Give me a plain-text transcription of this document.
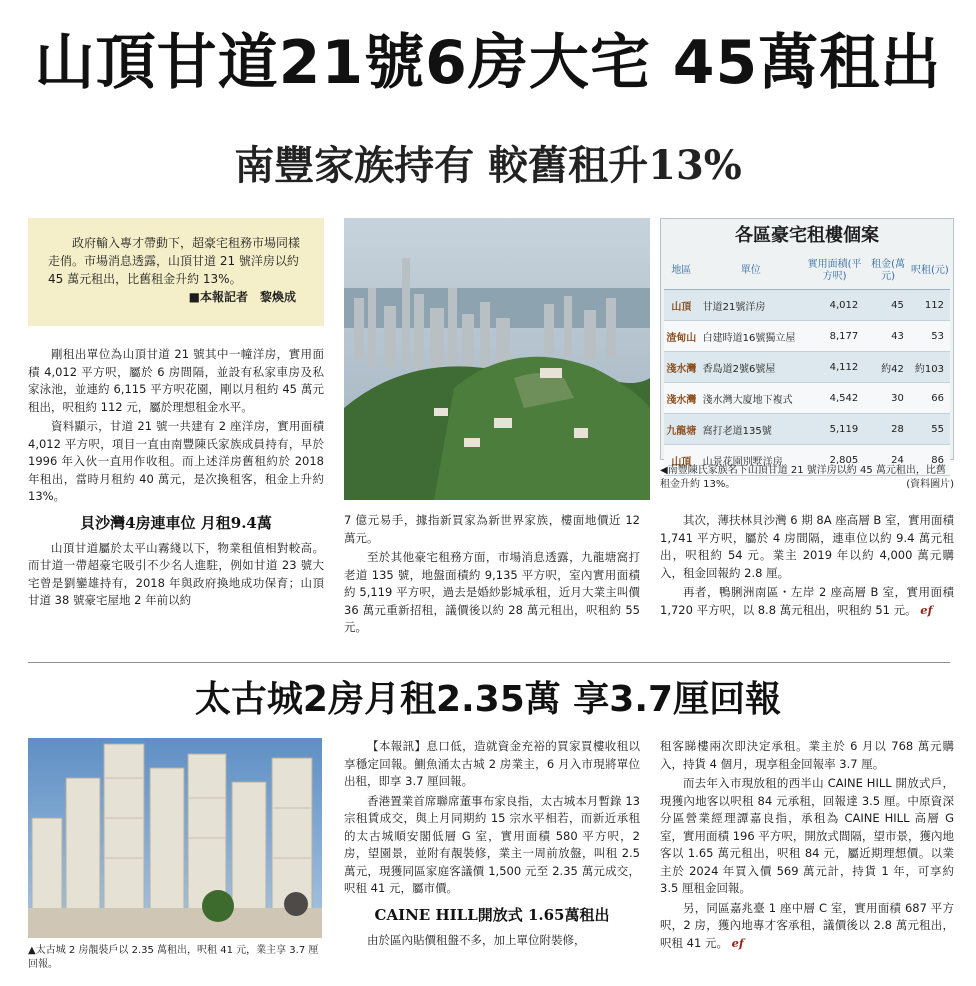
山頂甘道21號6房大宅 45萬租出
南豐家族持有 較舊租升13%
政府輸入專才帶動下，超豪宅租務市場同樣走俏。市場消息透露，山頂甘道 21 號洋房以約 45 萬元租出，比舊租金升約 13%。
■本報記者　黎煥成

剛租出單位為山頂甘道 21 號其中一幢洋房，實用面積 4,012 平方呎，屬於 6 房間隔，並設有私家車房及私家泳池，並連約 6,115 平方呎花園，剛以月租約 45 萬元租出，呎租約 112 元，屬於理想租金水平。

資料顯示，甘道 21 號一共建有 2 座洋房，實用面積 4,012 平方呎，項目一直由南豐陳氏家族成員持有，早於 1996 年入伙一直用作收租。而上述洋房舊租約於 2018 年租出，當時月租約 40 萬元，是次換租客，租金上升約 13%。

貝沙灣4房連車位 月租9.4萬

山頂甘道屬於太平山霧綫以下，物業租值相對較高。而甘道一帶超豪宅吸引不少名人進駐，例如甘道 23 號大宅曾是劉鑾雄持有，2018 年與政府換地成功保育；山頂甘道 38 號豪宅屋地 2 年前以約

7 億元易手，據指新買家為新世界家族，樓面地價近 12 萬元。

至於其他豪宅租務方面，市場消息透露，九龍塘窩打老道 135 號，地盤面積約 9,135 平方呎，室內實用面積約 5,119 平方呎，過去是婚紗影城承租，近月大業主叫價 36 萬元重新招租，議價後以約 28 萬元租出，呎租約 55 元。

各區豪宅租樓個案
地區	單位	實用面積(平方呎)	租金(萬元)	呎租(元)
山頂	甘道21號洋房	4,012	45	112
渣甸山	白建時道16號獨立屋	8,177	43	53
淺水灣	香島道2號6號屋	4,112	約42	約103
淺水灣	淺水灣大廈地下複式	4,542	30	66
九龍塘	窩打老道135號	5,119	28	55
山頂	山景花園別墅洋房	2,805	24	86
◀南豐陳氏家族名下山頂甘道 21 號洋房以約 45 萬元租出，比舊租金升約 13%。	(資料圖片)

其次，薄扶林貝沙灣 6 期 8A 座高層 B 室，實用面積 1,741 平方呎，屬於 4 房間隔，連車位以約 9.4 萬元租出，呎租約 54 元。業主 2019 年以約 4,000 萬元購入，租金回報約 2.8 厘。

再者，鴨脷洲南區・左岸 2 座高層 B 室，實用面積 1,720 平方呎，以 8.8 萬元租出，呎租約 51 元。 ef

太古城2房月租2.35萬 享3.7厘回報
▲太古城 2 房靚裝戶以 2.35 萬租出，呎租 41 元，業主享 3.7 厘回報。

【本報訊】息口低，造就資金充裕的買家買樓收租以享穩定回報。鰂魚涌太古城 2 房業主，6 月入市現將單位出租，即享 3.7 厘回報。

香港置業首席聯席董事布家良指，太古城本月暫錄 13 宗租賃成交，與上月同期約 15 宗水平相若，而新近承租的太古城順安閣低層 G 室，實用面積 580 平方呎，2 房，望園景，並附有靚裝修，業主一周前放盤，叫租 2.5 萬元，現獲同區家庭客議價 1,500 元至 2.35 萬元成交，呎租 41 元，屬市價。

CAINE HILL開放式 1.65萬租出

由於區內貼價租盤不多，加上單位附裝修，

租客睇樓兩次即決定承租。業主於 6 月以 768 萬元購入，持貨 4 個月，現享租金回報率 3.7 厘。

而去年入市現放租的西半山 CAINE HILL 開放式戶，現獲內地客以呎租 84 元承租，回報達 3.5 厘。中原資深分區營業經理譚嘉良指，承租為 CAINE HILL 高層 G 室，實用面積 196 平方呎，開放式間隔，望市景，獲內地客以 1.65 萬元租出，呎租 84 元，屬近期理想價。以業主於 2024 年買入價 569 萬元計，持貨 1 年，可享約 3.5 厘租金回報。

另，同區嘉兆臺 1 座中層 C 室，實用面積 687 平方呎，2 房，獲內地專才客承租，議價後以 2.8 萬元租出，呎租 41 元。 ef
